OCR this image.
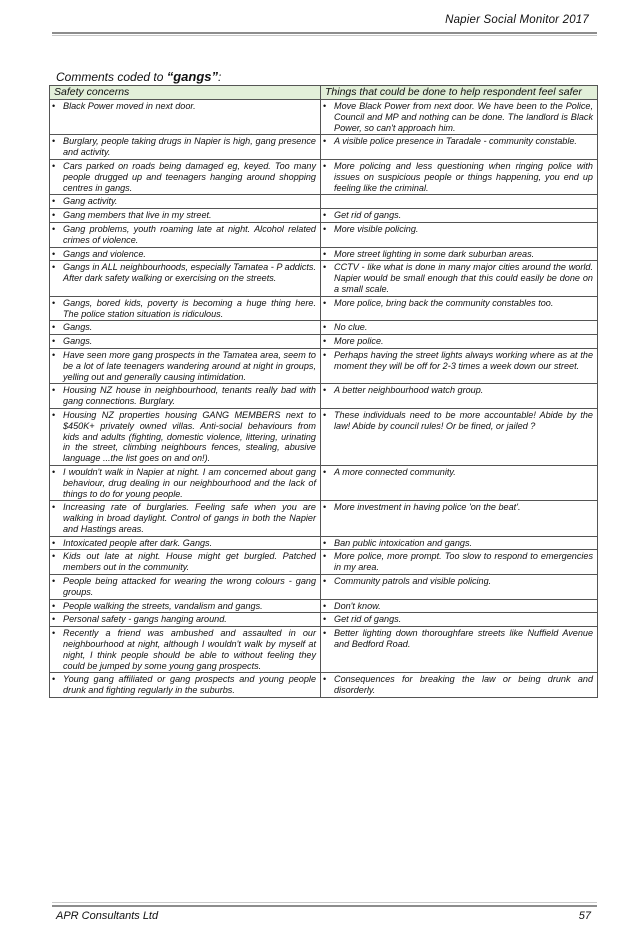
Napier Social Monitor 2017
Comments coded to “gangs”:
Safety concerns	Things that could be done to help respondent feel safer

• Black Power moved in next door.	• Move Black Power from next door. We have been to the Police, Council and MP and nothing can be done. The landlord is Black Power, so can't approach him.

• Burglary, people taking drugs in Napier is high, gang presence and activity.	• A visible police presence in Taradale - community constable.

• Cars parked on roads being damaged eg, keyed. Too many people drugged up and teenagers hanging around shopping centres in gangs.	• More policing and less questioning when ringing police with issues on suspicious people or things happening, you end up feeling like the criminal.

• Gang activity.	

• Gang members that live in my street.	• Get rid of gangs.

• Gang problems, youth roaming late at night. Alcohol related crimes of violence.	• More visible policing.

• Gangs and violence.	• More street lighting in some dark suburban areas.

• Gangs in ALL neighbourhoods, especially Tamatea - P addicts. After dark safety walking or exercising on the streets.	• CCTV - like what is done in many major cities around the world. Napier would be small enough that this could easily be done on a small scale.

• Gangs, bored kids, poverty is becoming a huge thing here. The police station situation is ridiculous.	• More police, bring back the community constables too.

• Gangs.	• No clue.

• Gangs.	• More police.

• Have seen more gang prospects in the Tamatea area, seem to be a lot of late teenagers wandering around at night in groups, yelling out and generally causing intimidation.	• Perhaps having the street lights always working where as at the moment they will be off for 2-3 times a week down our street.

• Housing NZ house in neighbourhood, tenants really bad with gang connections. Burglary.	• A better neighbourhood watch group.

• Housing NZ properties housing GANG MEMBERS next to $450K+ privately owned villas. Anti-social behaviours from kids and adults (fighting, domestic violence, littering, urinating in the street, climbing neighbours fences, stealing, abusive language ...the list goes on and on!).	• These individuals need to be more accountable! Abide by the law! Abide by council rules! Or be fined, or jailed ?

• I wouldn't walk in Napier at night. I am concerned about gang behaviour, drug dealing in our neighbourhood and the lack of things to do for young people.	• A more connected community.

• Increasing rate of burglaries. Feeling safe when you are walking in broad daylight. Control of gangs in both the Napier and Hastings areas.	• More investment in having police 'on the beat'.

• Intoxicated people after dark. Gangs.	• Ban public intoxication and gangs.

• Kids out late at night. House might get burgled. Patched members out in the community.	• More police, more prompt. Too slow to respond to emergencies in my area.

• People being attacked for wearing the wrong colours - gang groups.	• Community patrols and visible policing.

• People walking the streets, vandalism and gangs.	• Don't know.

• Personal safety - gangs hanging around.	• Get rid of gangs.

• Recently a friend was ambushed and assaulted in our neighbourhood at night, although I wouldn't walk by myself at night, I think people should be able to without feeling they could be jumped by some young gang prospects.	• Better lighting down thoroughfare streets like Nuffield Avenue and Bedford Road.

• Young gang affiliated or gang prospects and young people drunk and fighting regularly in the suburbs.	• Consequences for breaking the law or being drunk and disorderly.
APR Consultants Ltd	57
